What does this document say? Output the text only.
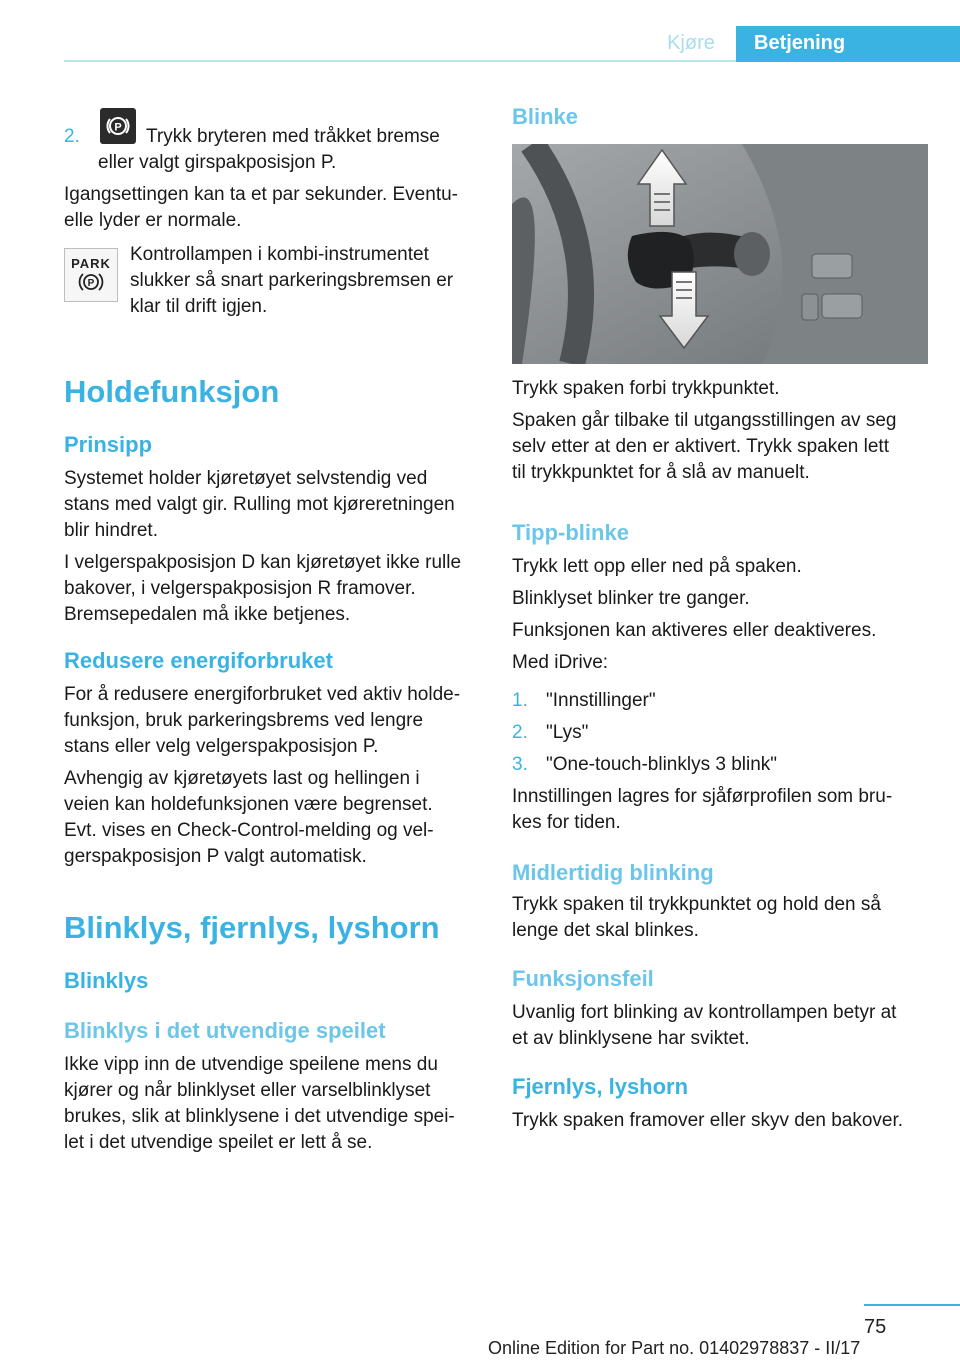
Kjøre	Betjening
2.	P Trykk bryteren med tråkket bremse

eller valgt girspakposisjon P.

Igangsettingen kan ta et par sekunder. Eventu‐

elle lyder er normale.

PARK
P

Kontrollampen i kombi-instrumentet

slukker så snart parkeringsbremsen er

klar til drift igjen.

Holdefunksjon
Prinsipp

Systemet holder kjøretøyet selvstendig ved

stans med valgt gir. Rulling mot kjøreretningen

blir hindret.

I velgerspakposisjon D kan kjøretøyet ikke rulle

bakover, i velgerspakposisjon R framover.

Bremsepedalen må ikke betjenes.

Redusere energiforbruket

For å redusere energiforbruket ved aktiv holde‐

funksjon, bruk parkeringsbrems ved lengre

stans eller velg velgerspakposisjon P.

Avhengig av kjøretøyets last og hellingen i

veien kan holdefunksjonen være begrenset.

Evt. vises en Check-Control-melding og vel‐

gerspakposisjon P valgt automatisk.

Blinklys, fjernlys, lyshorn
Blinklys
Blinklys i det utvendige speilet

Ikke vipp inn de utvendige speilene mens du

kjører og når blinklyset eller varselblinklyset

brukes, slik at blinklysene i det utvendige spei‐

let i det utvendige speilet er lett å se.

Blinke

Trykk spaken forbi trykkpunktet.

Spaken går tilbake til utgangsstillingen av seg

selv etter at den er aktivert. Trykk spaken lett

til trykkpunktet for å slå av manuelt.

Tipp-blinke

Trykk lett opp eller ned på spaken.

Blinklyset blinker tre ganger.

Funksjonen kan aktiveres eller deaktiveres.

Med iDrive:

1. "Innstillinger"

2. "Lys"

3. "One-touch-blinklys 3 blink"

Innstillingen lagres for sjåførprofilen som bru‐

kes for tiden.

Midlertidig blinking

Trykk spaken til trykkpunktet og hold den så

lenge det skal blinkes.

Funksjonsfeil

Uvanlig fort blinking av kontrollampen betyr at

et av blinklysene har sviktet.

Fjernlys, lyshorn

Trykk spaken framover eller skyv den bakover.

75
Online Edition for Part no. 01402978837 - II/17
